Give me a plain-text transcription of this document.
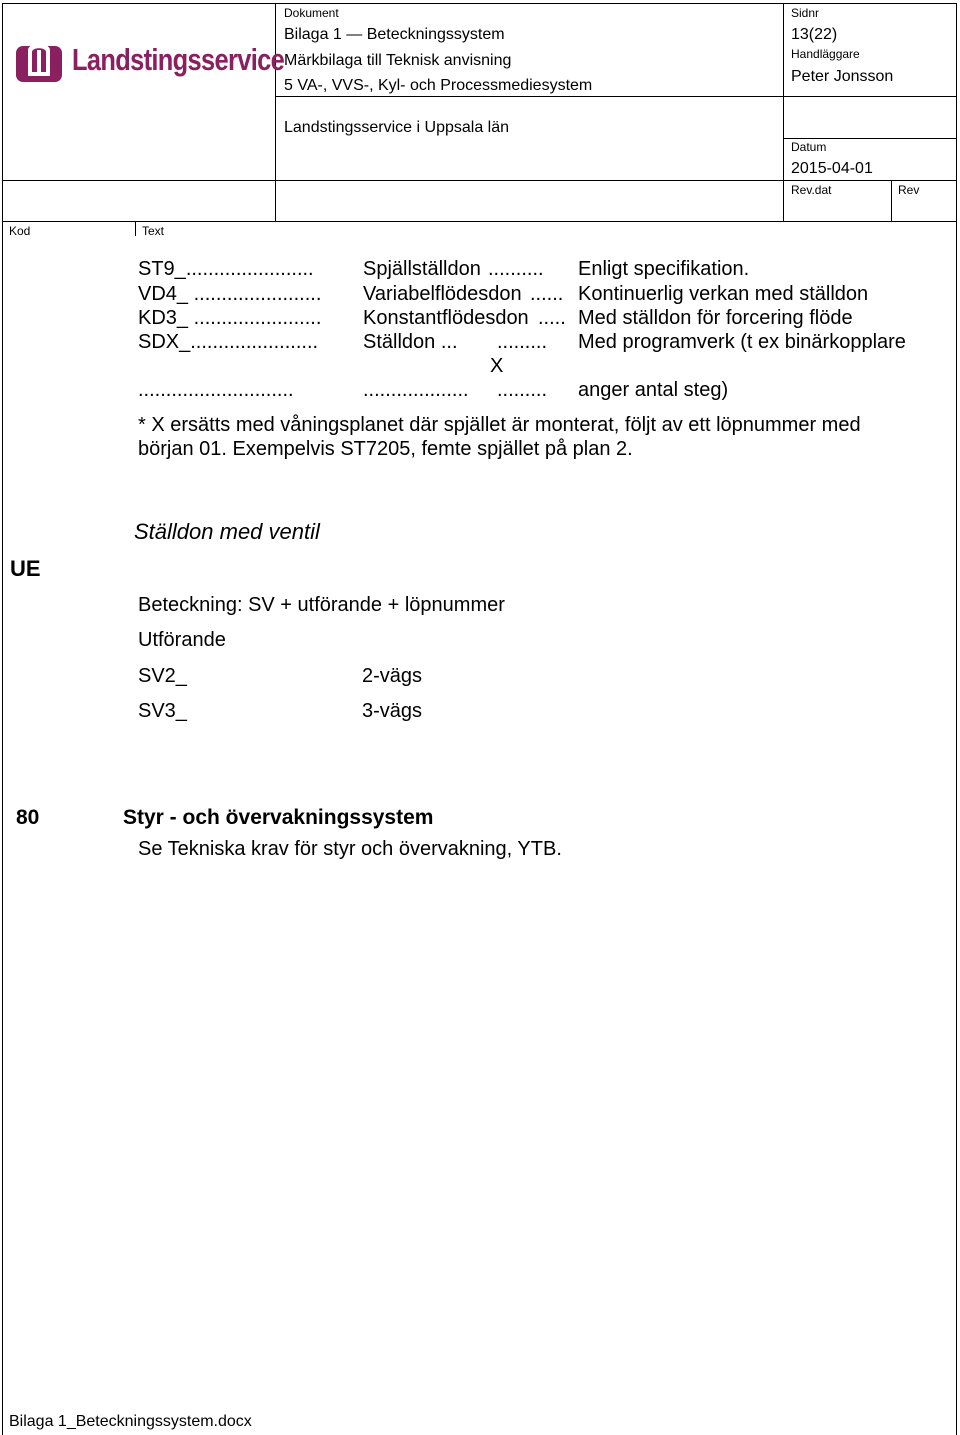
Landstingsservice
Dokument
Bilaga 1 — Beteckningssystem
Märkbilaga till Teknisk anvisning
5 VA-, VVS-, Kyl- och Processmediesystem
Landstingsservice i Uppsala län
Sidnr
13(22)
Handläggare
Peter Jonsson
Datum
2015-04-01
Rev.dat	Rev
Kod	Text
ST9_....................... Spjällställdon .......... Enligt specifikation.
VD4_ ....................... Variabelflödesdon ...... Kontinuerlig verkan med ställdon
KD3_ ....................... Konstantflödesdon ..... Med ställdon för forcering flöde
SDX_....................... Ställdon ... ......... Med programverk (t ex binärkopplare
X
............................	................... ......... anger antal steg)
* X ersätts med våningsplanet där spjället är monterat, följt av ett löpnummer med
början 01. Exempelvis ST7205, femte spjället på plan 2.
UE
Ställdon med ventil
Beteckning: SV + utförande + löpnummer
Utförande
SV2_	2-vägs
SV3_	3-vägs
80	Styr - och övervakningssystem
Se Tekniska krav för styr och övervakning, YTB.
Bilaga 1_Beteckningssystem.docx
